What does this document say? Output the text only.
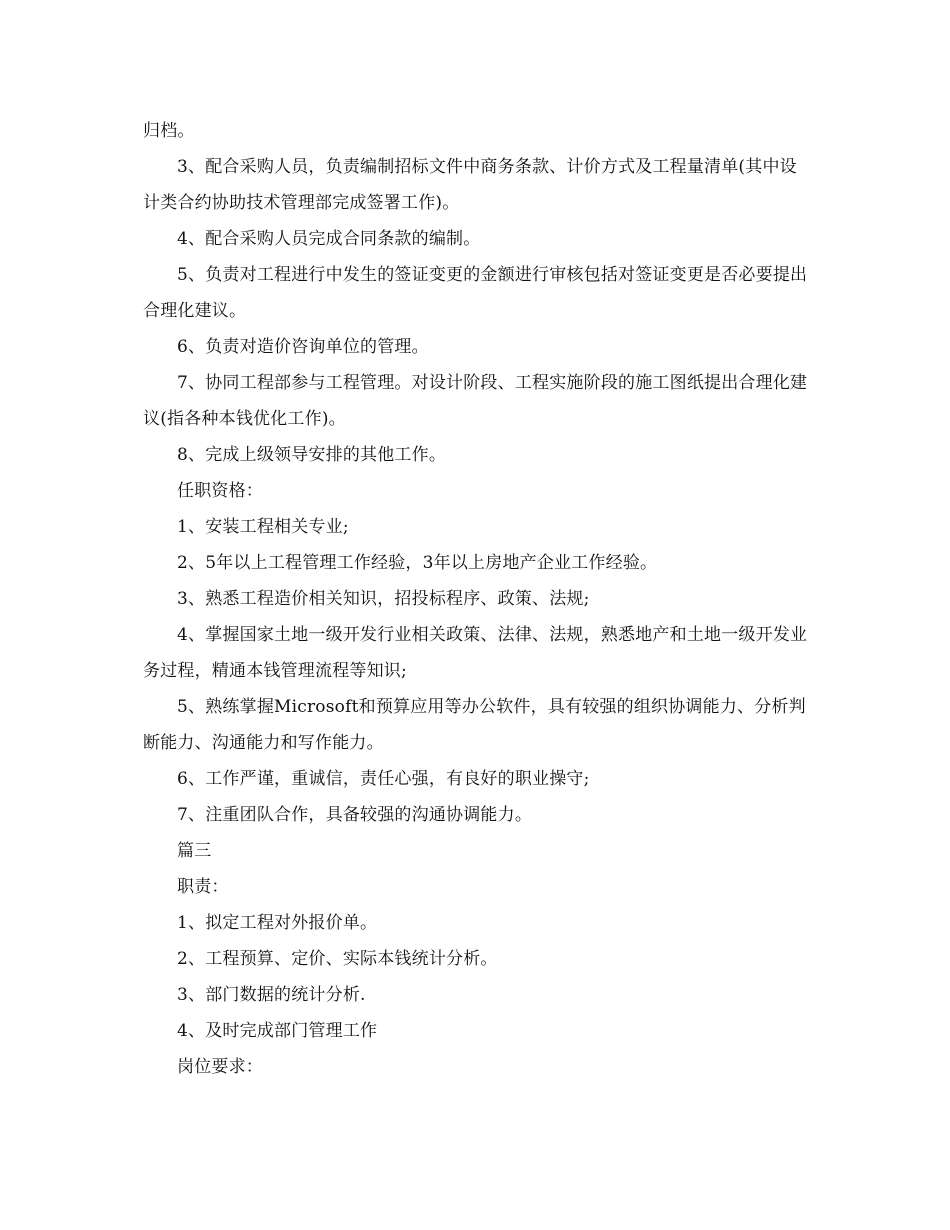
归档。

3、配合采购人员，负责编制招标文件中商务条款、计价方式及工程量清单(其中设计类合约协助技术管理部完成签署工作)。

4、配合采购人员完成合同条款的编制。

5、负责对工程进行中发生的签证变更的金额进行审核包括对签证变更是否必要提出合理化建议。

6、负责对造价咨询单位的管理。

7、协同工程部参与工程管理。对设计阶段、工程实施阶段的施工图纸提出合理化建议(指各种本钱优化工作)。

8、完成上级领导安排的其他工作。

任职资格：

1、安装工程相关专业;

2、5年以上工程管理工作经验，3年以上房地产企业工作经验。

3、熟悉工程造价相关知识，招投标程序、政策、法规;

4、掌握国家土地一级开发行业相关政策、法律、法规，熟悉地产和土地一级开发业务过程，精通本钱管理流程等知识;

5、熟练掌握Microsoft和预算应用等办公软件，具有较强的组织协调能力、分析判断能力、沟通能力和写作能力。

6、工作严谨，重诚信，责任心强，有良好的职业操守;

7、注重团队合作，具备较强的沟通协调能力。

篇三

职责：

1、拟定工程对外报价单。

2、工程预算、定价、实际本钱统计分析。

3、部门数据的统计分析.

4、及时完成部门管理工作

岗位要求：
